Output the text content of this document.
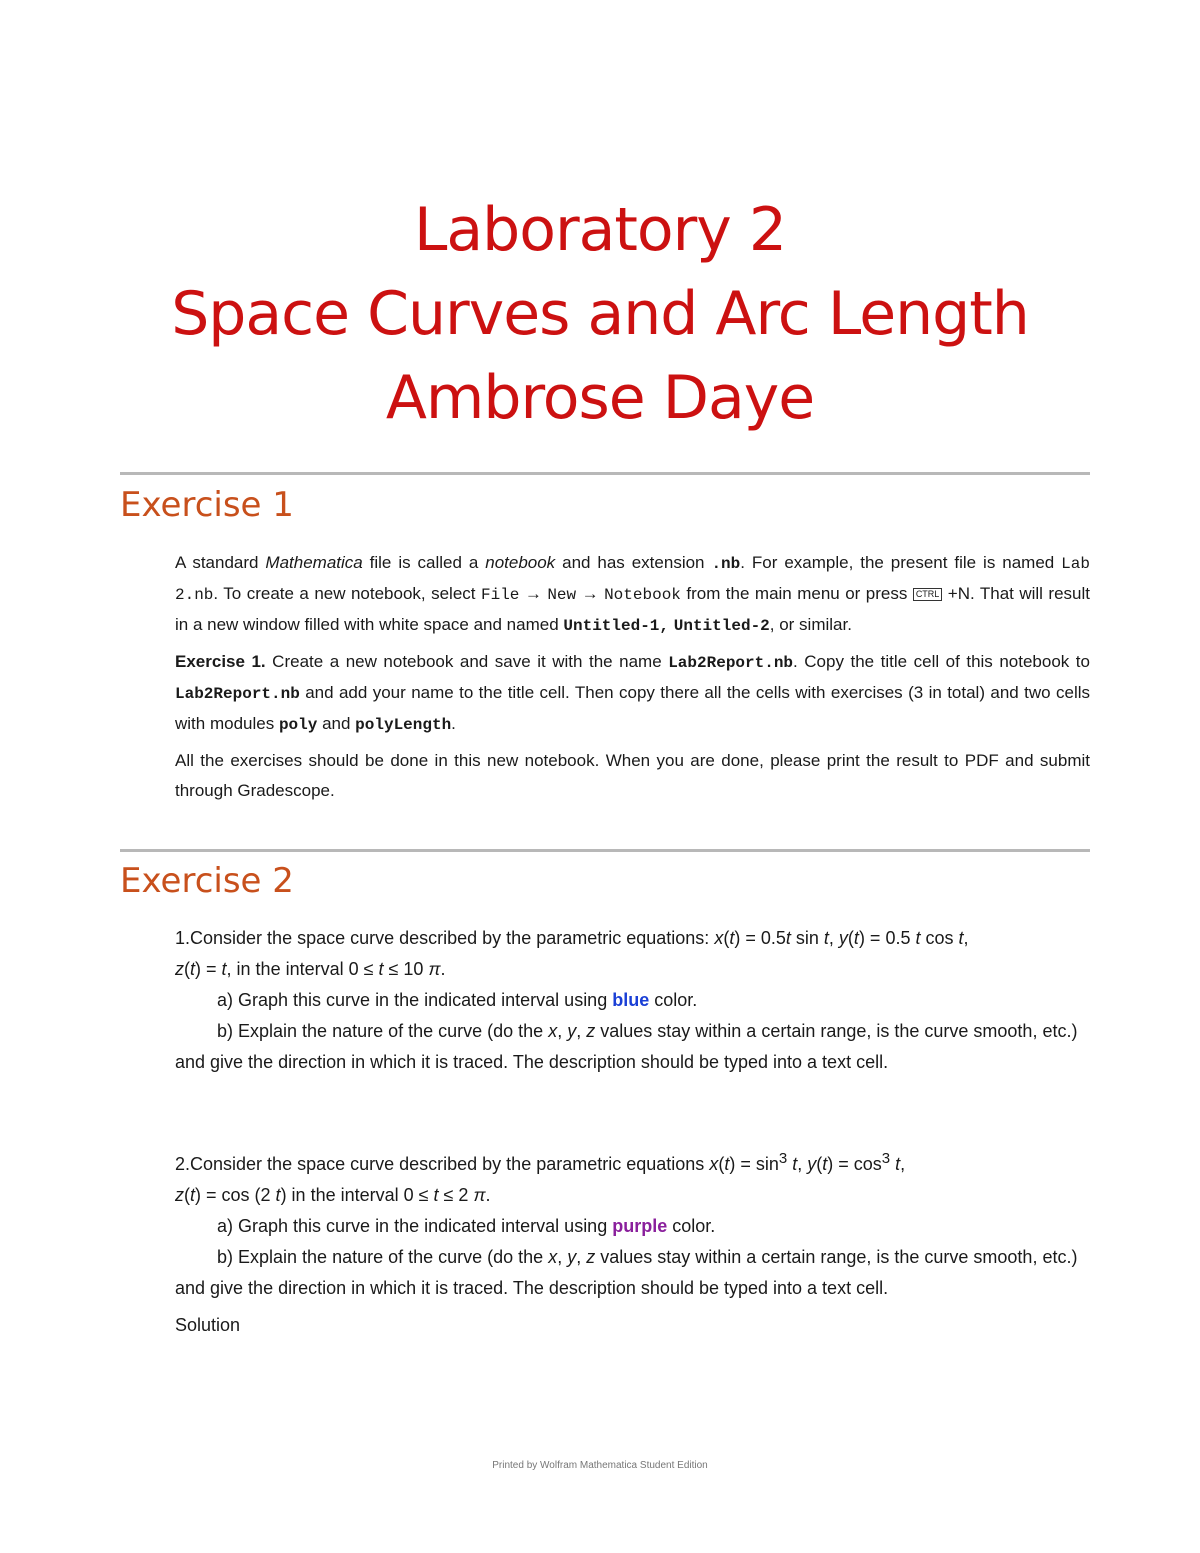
Laboratory 2

Space Curves and Arc Length

Ambrose Daye

Exercise 1

A standard Mathematica file is called a notebook and has extension .nb. For example, the present file is named Lab 2.nb. To create a new notebook, select File → New → Notebook from the main menu or press CTRL +N. That will result in a new window filled with white space and named Untitled-1, Untitled-2, or similar.

Exercise 1. Create a new notebook and save it with the name Lab2Report.nb. Copy the title cell of this notebook to Lab2Report.nb and add your name to the title cell. Then copy there all the cells with exercises (3 in total) and two cells with modules poly and polyLength.

All the exercises should be done in this new notebook. When you are done, please print the result to PDF and submit through Gradescope.

Exercise 2

1.Consider the space curve described by the parametric equations: x(t) = 0.5t sin t, y(t) = 0.5 t cos t,
z(t) = t, in the interval 0 ≤ t ≤ 10 π.

a) Graph this curve in the indicated interval using blue color.

b) Explain the nature of the curve (do the x, y, z values stay within a certain range, is the curve smooth, etc.) and give the direction in which it is traced. The description should be typed into a text cell.

2.Consider the space curve described by the parametric equations $x(t) = \sin^3 t$, $y(t) = \cos^3 t$,
z(t) = cos (2 t) in the interval 0 ≤ t ≤ 2 π.

a) Graph this curve in the indicated interval using purple color.

b) Explain the nature of the curve (do the x, y, z values stay within a certain range, is the curve smooth, etc.) and give the direction in which it is traced. The description should be typed into a text cell.

Solution

Printed by Wolfram Mathematica Student Edition
